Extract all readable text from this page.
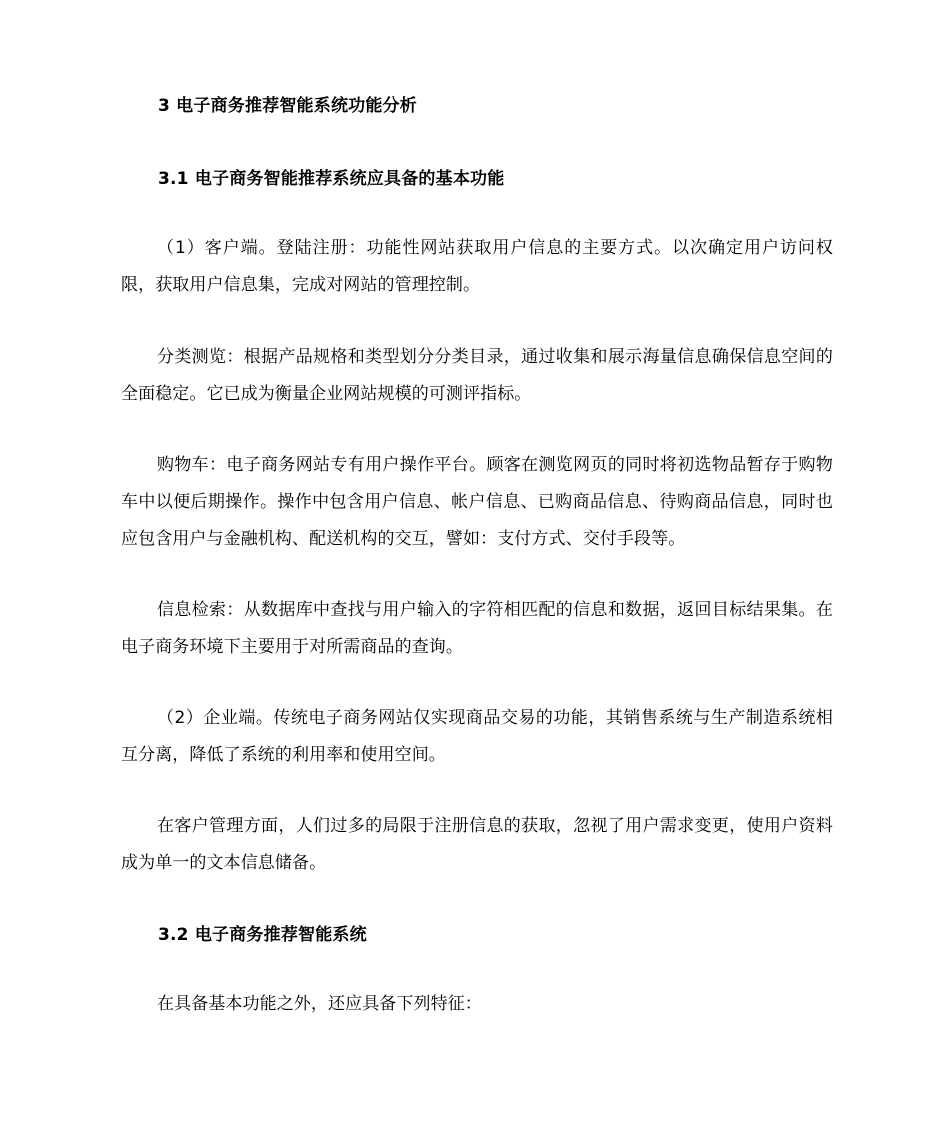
3 电子商务推荐智能系统功能分析
3.1 电子商务智能推荐系统应具备的基本功能
（1）客户端。登陆注册：功能性网站获取用户信息的主要方式。以次确定用户访问权限，获取用户信息集，完成对网站的管理控制。
分类测览：根据产品规格和类型划分分类目录，通过收集和展示海量信息确保信息空间的全面稳定。它已成为衡量企业网站规模的可测评指标。
购物车：电子商务网站专有用户操作平台。顾客在测览网页的同时将初选物品暂存于购物车中以便后期操作。操作中包含用户信息、帐户信息、已购商品信息、待购商品信息，同时也应包含用户与金融机构、配送机构的交互，譬如：支付方式、交付手段等。
信息检索：从数据库中查找与用户输入的字符相匹配的信息和数据，返回目标结果集。在电子商务环境下主要用于对所需商品的查询。
（2）企业端。传统电子商务网站仅实现商品交易的功能，其销售系统与生产制造系统相互分离，降低了系统的利用率和使用空间。
在客户管理方面，人们过多的局限于注册信息的获取，忽视了用户需求变更，使用户资料成为单一的文本信息储备。
3.2 电子商务推荐智能系统
在具备基本功能之外，还应具备下列特征：
